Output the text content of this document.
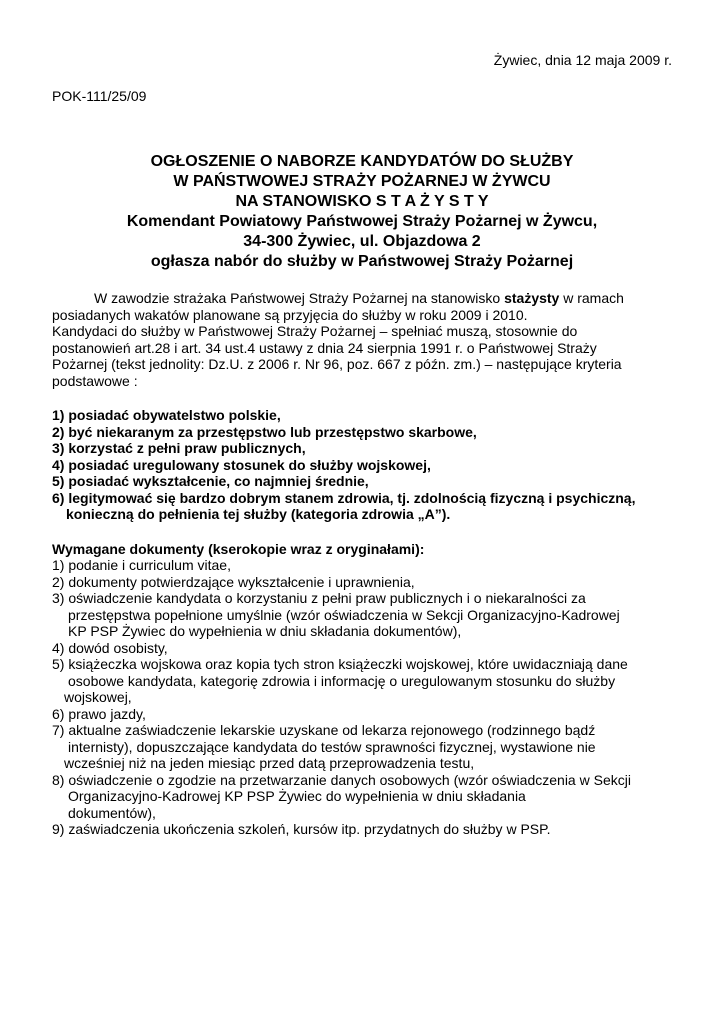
Żywiec, dnia 12 maja 2009 r.
POK-111/25/09
OGŁOSZENIE O NABORZE KANDYDATÓW DO SŁUŻBY
W PAŃSTWOWEJ STRAŻY POŻARNEJ W ŻYWCU
NA STANOWISKO S T A Ż Y S T Y
Komendant Powiatowy Państwowej Straży Pożarnej w Żywcu,
34-300 Żywiec, ul. Objazdowa 2
ogłasza nabór do służby w Państwowej Straży Pożarnej

W zawodzie strażaka Państwowej Straży Pożarnej na stanowisko stażysty w ramach

posiadanych wakatów planowane są przyjęcia do służby w roku 2009 i 2010.

Kandydaci do służby w Państwowej Straży Pożarnej – spełniać muszą, stosownie do

postanowień art.28 i art. 34 ust.4 ustawy z dnia 24 sierpnia 1991 r. o Państwowej Straży

Pożarnej (tekst jednolity: Dz.U. z 2006 r. Nr 96, poz. 667 z późn. zm.) – następujące kryteria

podstawowe :

1) posiadać obywatelstwo polskie,
2) być niekaranym za przestępstwo lub przestępstwo skarbowe,
3) korzystać z pełni praw publicznych,
4) posiadać uregulowany stosunek do służby wojskowej,
5) posiadać wykształcenie, co najmniej średnie,
6) legitymować się bardzo dobrym stanem zdrowia, tj. zdolnością fizyczną i psychiczną,
konieczną do pełnienia tej służby (kategoria zdrowia „A”).
Wymagane dokumenty (kserokopie wraz z oryginałami):
1) podanie i curriculum vitae,
2) dokumenty potwierdzające wykształcenie i uprawnienia,
3) oświadczenie kandydata o korzystaniu z pełni praw publicznych i o niekaralności za
przestępstwa popełnione umyślnie (wzór oświadczenia w Sekcji Organizacyjno-Kadrowej
KP PSP Żywiec do wypełnienia w dniu składania dokumentów),
4) dowód osobisty,
5) książeczka wojskowa oraz kopia tych stron książeczki wojskowej, które uwidaczniają dane
osobowe kandydata, kategorię zdrowia i informację o uregulowanym stosunku do służby
wojskowej,
6) prawo jazdy,
7) aktualne zaświadczenie lekarskie uzyskane od lekarza rejonowego (rodzinnego bądź
internisty), dopuszczające kandydata do testów sprawności fizycznej, wystawione nie
wcześniej niż na jeden miesiąc przed datą przeprowadzenia testu,
8) oświadczenie o zgodzie na przetwarzanie danych osobowych (wzór oświadczenia w Sekcji
Organizacyjno-Kadrowej KP PSP Żywiec do wypełnienia w dniu składania
dokumentów),
9) zaświadczenia ukończenia szkoleń, kursów itp. przydatnych do służby w PSP.
